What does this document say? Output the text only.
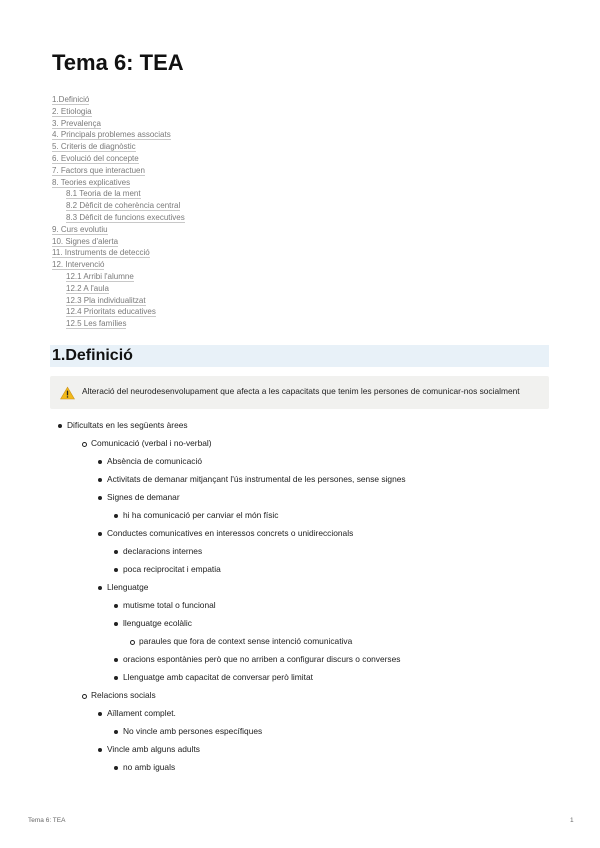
Tema 6: TEA
1.Definició
2. Etiologia
3. Prevalença
4. Principals problemes associats
5. Criteris de diagnòstic
6. Evolució del concepte
7. Factors que interactuen
8. Teories explicatives
8.1 Teoria de la ment
8.2 Dèficit de coherència central
8.3 Dèficit de funcions executives
9. Curs evolutiu
10. Signes d'alerta
11. Instruments de detecció
12. Intervenció
12.1 Arribi l'alumne
12.2 A l'aula
12.3 Pla individualitzat
12.4 Prioritats educatives
12.5 Les famílies
1.Definició
Alteració del neurodesenvolupament que afecta a les capacitats que tenim les persones de comunicar-nos socialment
Dificultats en les següents àrees
Comunicació (verbal i no-verbal)
Absència de comunicació
Activitats de demanar mitjançant l'ús instrumental de les persones, sense signes
Signes de demanar
hi ha comunicació per canviar el món físic
Conductes comunicatives en interessos concrets o unidireccionals
declaracions internes
poca reciprocitat i empatia
Llenguatge
mutisme total o funcional
llenguatge ecolàlic
paraules que fora de context sense intenció comunicativa
oracions espontànies però que no arriben a configurar discurs o converses
Llenguatge amb capacitat de conversar però limitat
Relacions socials
Aïllament complet.
No vincle amb persones específiques
Vincle amb alguns adults
no amb iguals
Tema 6: TEA	1
